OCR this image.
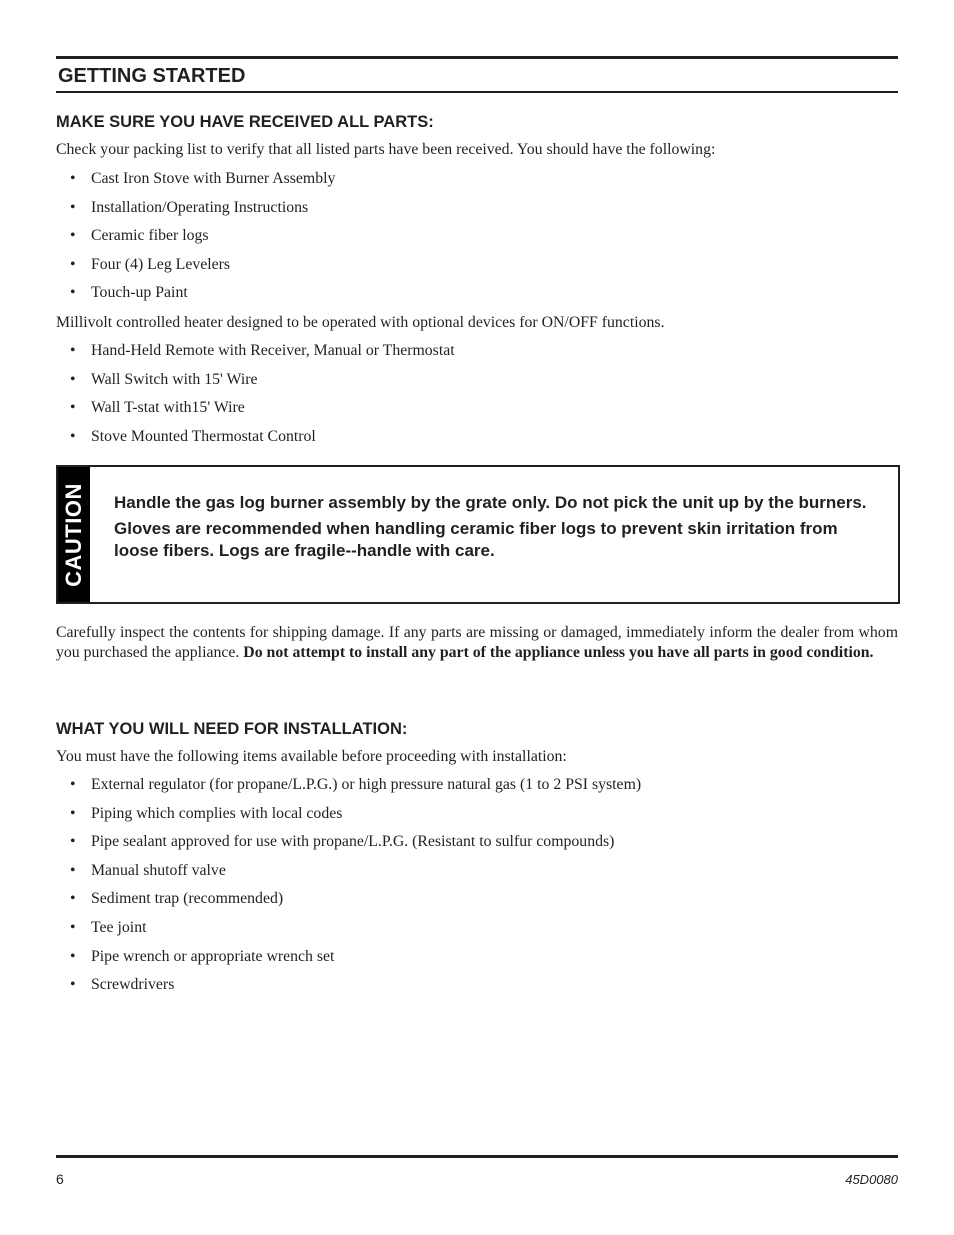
GETTING STARTED
MAKE SURE YOU HAVE RECEIVED ALL PARTS:

Check your packing list to verify that all listed parts have been received. You should have the following:

• Cast Iron Stove with Burner Assembly
• Installation/Operating Instructions
• Ceramic fiber logs
• Four (4) Leg Levelers
• Touch-up Paint

Millivolt controlled heater designed to be operated with optional devices for ON/OFF functions.

• Hand-Held Remote with Receiver, Manual or Thermostat
• Wall Switch with 15' Wire
• Wall T-stat with15' Wire
• Stove Mounted Thermostat Control
CAUTION Handle the gas log burner assembly by the grate only. Do not pick the unit up by the burners.

Gloves are recommended when handling ceramic fiber logs to prevent skin irritation from loose fibers. Logs are fragile--handle with care.

Carefully inspect the contents for shipping damage. If any parts are missing or damaged, immediately inform the dealer from whom you purchased the appliance. Do not attempt to install any part of the appliance unless you have all parts in good condition.

WHAT YOU WILL NEED FOR INSTALLATION:

You must have the following items available before proceeding with installation:

• External regulator (for propane/L.P.G.) or high pressure natural gas (1 to 2 PSI system)
• Piping which complies with local codes
• Pipe sealant approved for use with propane/L.P.G. (Resistant to sulfur compounds)
• Manual shutoff valve
• Sediment trap (recommended)
• Tee joint
• Pipe wrench or appropriate wrench set
• Screwdrivers
6	45D0080
